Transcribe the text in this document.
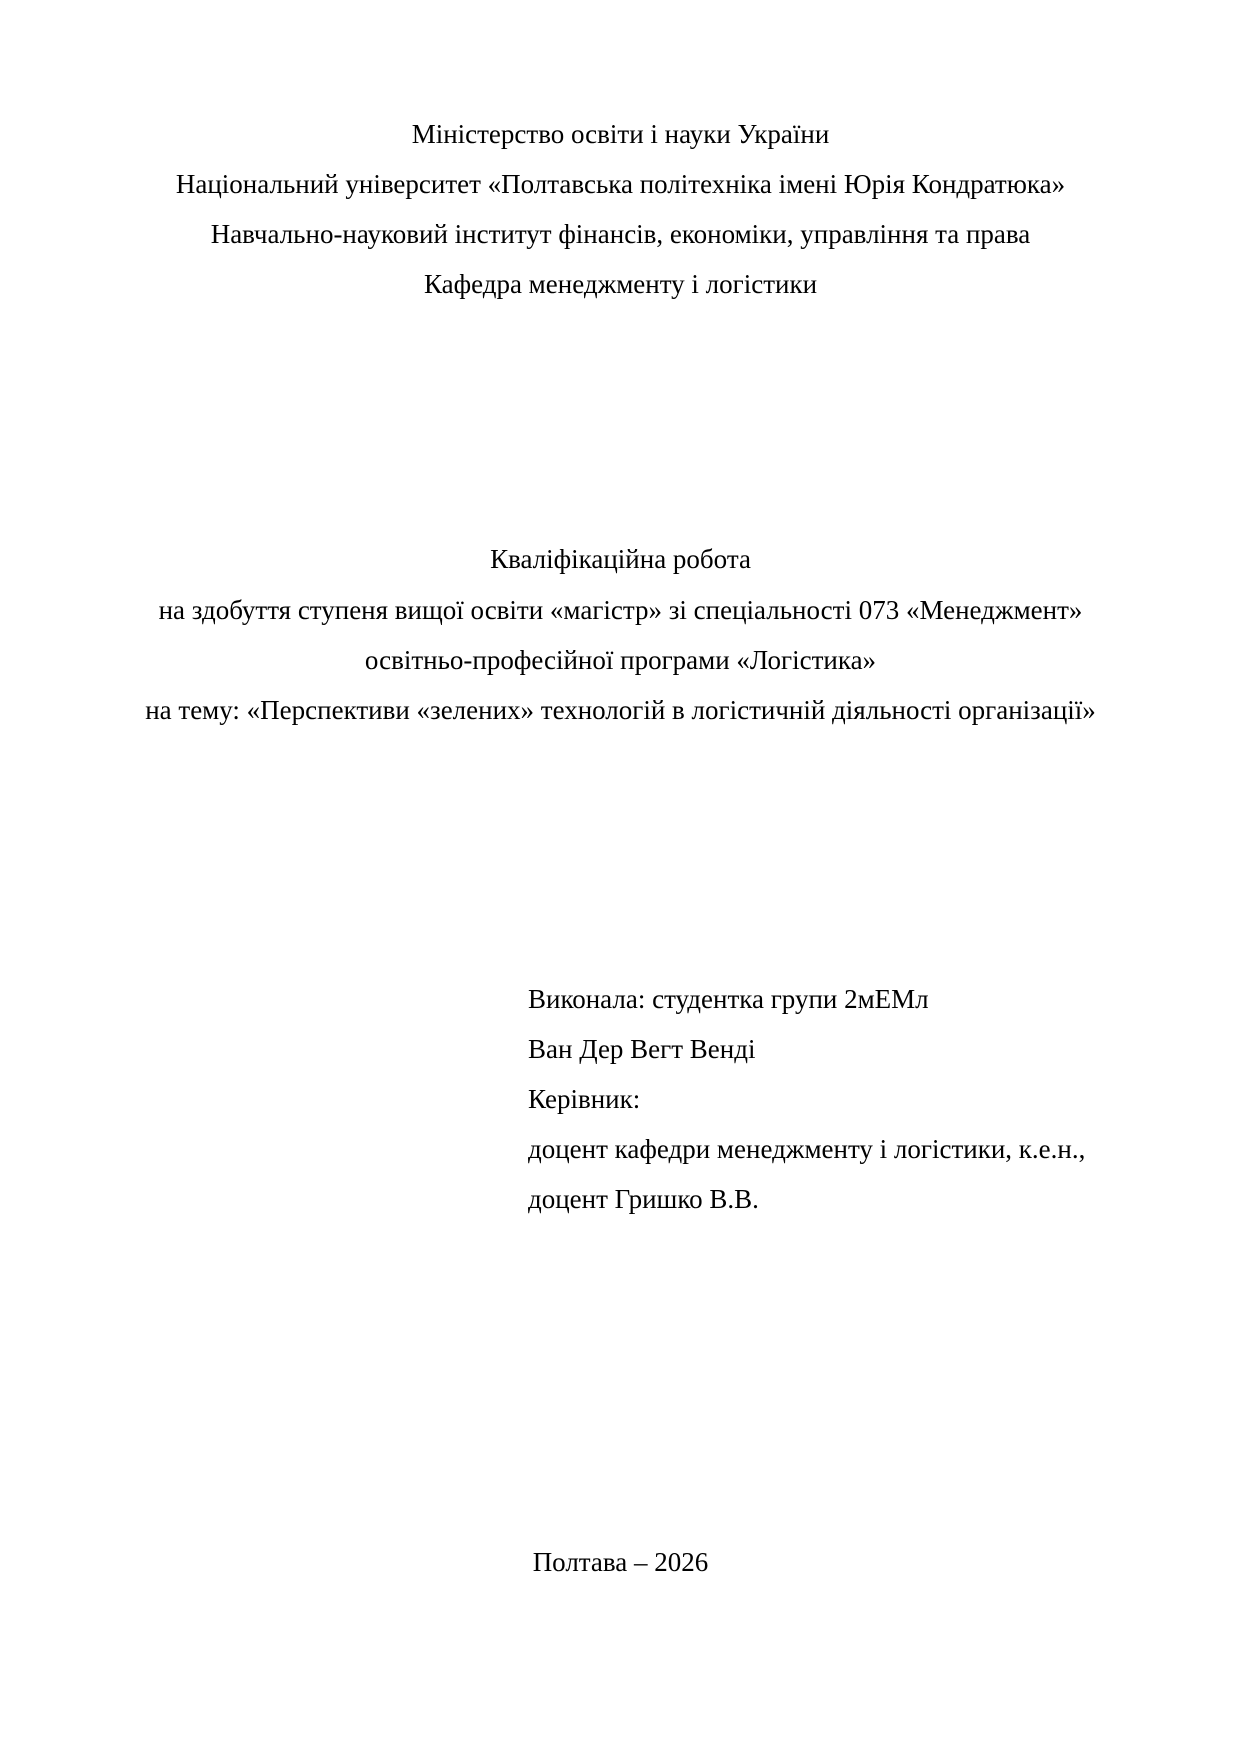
Міністерство освіти і науки України
Національний університет «Полтавська політехніка імені Юрія Кондратюка»
Навчально-науковий інститут фінансів, економіки, управління та права
Кафедра менеджменту і логістики
Кваліфікаційна робота
на здобуття ступеня вищої освіти «магістр» зі спеціальності 073 «Менеджмент»
освітньо-професійної програми «Логістика»
на тему: «Перспективи «зелених» технологій в логістичній діяльності організації»
Виконала: студентка групи 2мЕМл
Ван Дер Вегт Венді
Керівник:
доцент кафедри менеджменту і логістики, к.е.н.,
доцент Гришко В.В.
Полтава – 2026
